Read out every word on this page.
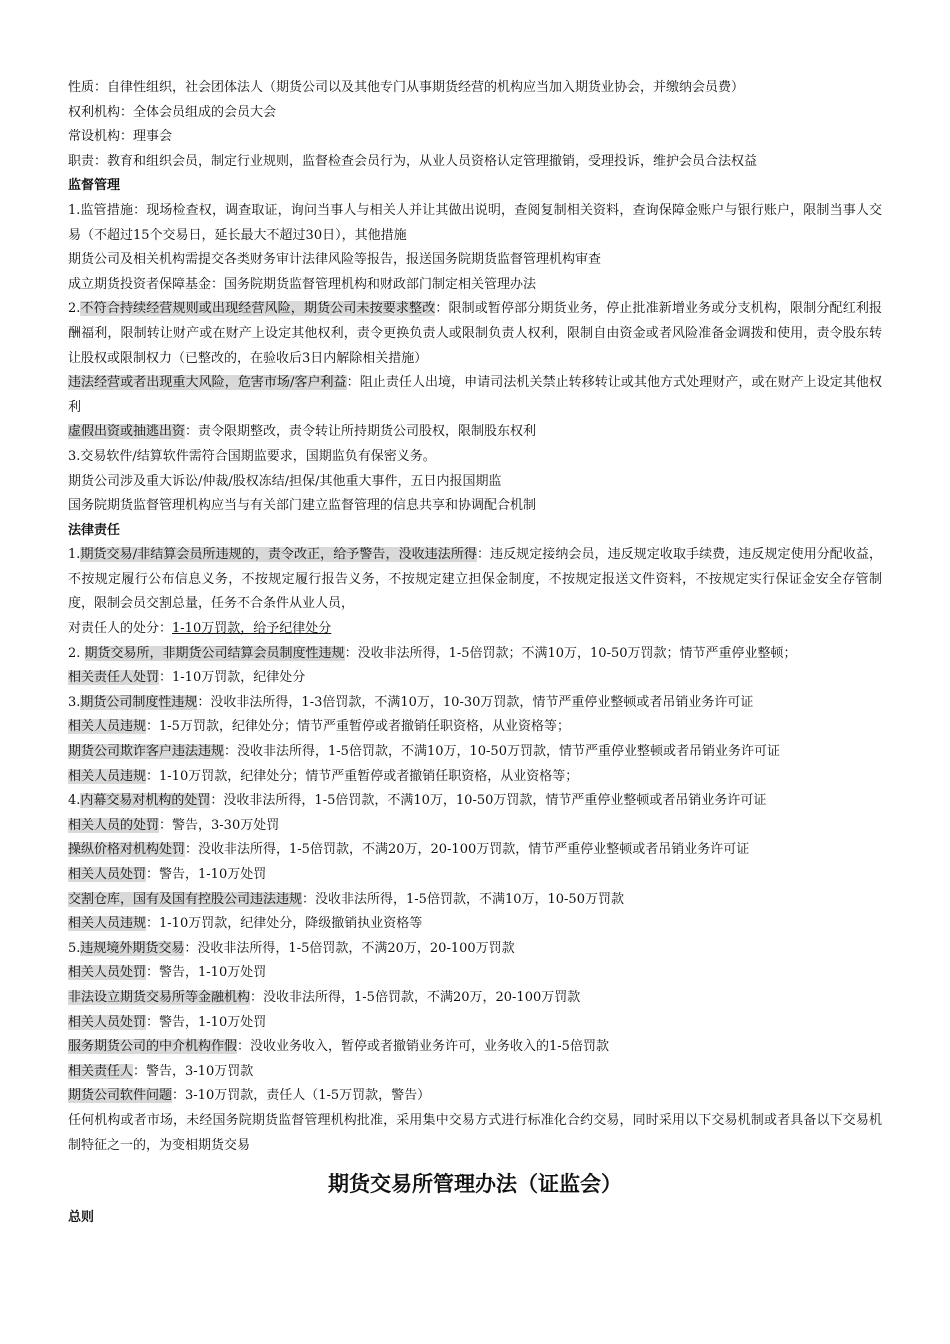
性质：自律性组织，社会团体法人（期货公司以及其他专门从事期货经营的机构应当加入期货业协会，并缴纳会员费）

权利机构：全体会员组成的会员大会

常设机构：理事会

职责：教育和组织会员，制定行业规则，监督检查会员行为，从业人员资格认定管理撤销，受理投诉，维护会员合法权益

监督管理

1.监管措施：现场检查权，调查取证，询问当事人与相关人并让其做出说明，查阅复制相关资料，查询保障金账户与银行账户，限制当事人交易（不超过15个交易日，延长最大不超过30日），其他措施

期货公司及相关机构需提交各类财务审计法律风险等报告，报送国务院期货监督管理机构审查

成立期货投资者保障基金：国务院期货监督管理机构和财政部门制定相关管理办法

2.不符合持续经营规则或出现经营风险，期货公司未按要求整改：限制或暂停部分期货业务，停止批准新增业务或分支机构，限制分配红利报酬福利，限制转让财产或在财产上设定其他权利，责令更换负责人或限制负责人权利，限制自由资金或者风险准备金调拨和使用，责令股东转让股权或限制权力（已整改的，在验收后3日内解除相关措施）

违法经营或者出现重大风险，危害市场/客户利益：阻止责任人出境，申请司法机关禁止转移转让或其他方式处理财产，或在财产上设定其他权利

虚假出资或抽逃出资：责令限期整改，责令转让所持期货公司股权，限制股东权利

3.交易软件/结算软件需符合国期监要求，国期监负有保密义务。

期货公司涉及重大诉讼/仲裁/股权冻结/担保/其他重大事件，五日内报国期监

国务院期货监督管理机构应当与有关部门建立监督管理的信息共享和协调配合机制

法律责任

1.期货交易/非结算会员所违规的，责令改正，给予警告，没收违法所得：违反规定接纳会员，违反规定收取手续费，违反规定使用分配收益，不按规定履行公布信息义务，不按规定履行报告义务，不按规定建立担保金制度，不按规定报送文件资料，不按规定实行保证金安全存管制度，限制会员交割总量，任务不合条件从业人员，

对责任人的处分：1-10万罚款，给予纪律处分

2. 期货交易所，非期货公司结算会员制度性违规：没收非法所得，1-5倍罚款；不满10万，10-50万罚款；情节严重停业整顿；

相关责任人处罚：1-10万罚款，纪律处分

3.期货公司制度性违规：没收非法所得，1-3倍罚款，不满10万，10-30万罚款，情节严重停业整顿或者吊销业务许可证

相关人员违规：1-5万罚款，纪律处分；情节严重暂停或者撤销任职资格，从业资格等；

期货公司欺诈客户违法违规：没收非法所得，1-5倍罚款，不满10万，10-50万罚款，情节严重停业整顿或者吊销业务许可证

相关人员违规：1-10万罚款，纪律处分；情节严重暂停或者撤销任职资格，从业资格等；

4.内幕交易对机构的处罚：没收非法所得，1-5倍罚款，不满10万，10-50万罚款，情节严重停业整顿或者吊销业务许可证

相关人员的处罚：警告，3-30万处罚

操纵价格对机构处罚：没收非法所得，1-5倍罚款，不满20万，20-100万罚款，情节严重停业整顿或者吊销业务许可证

相关人员处罚：警告，1-10万处罚

交割仓库，国有及国有控股公司违法违规：没收非法所得，1-5倍罚款，不满10万，10-50万罚款

相关人员违规：1-10万罚款，纪律处分，降级撤销执业资格等

5.违规境外期货交易：没收非法所得，1-5倍罚款，不满20万，20-100万罚款

相关人员处罚：警告，1-10万处罚

非法设立期货交易所等金融机构：没收非法所得，1-5倍罚款，不满20万，20-100万罚款

相关人员处罚：警告，1-10万处罚

服务期货公司的中介机构作假：没收业务收入，暂停或者撤销业务许可，业务收入的1-5倍罚款

相关责任人：警告，3-10万罚款

期货公司软件问题：3-10万罚款，责任人（1-5万罚款，警告）

任何机构或者市场，未经国务院期货监督管理机构批准，采用集中交易方式进行标准化合约交易，同时采用以下交易机制或者具备以下交易机制特征之一的，为变相期货交易

期货交易所管理办法（证监会）

总则
